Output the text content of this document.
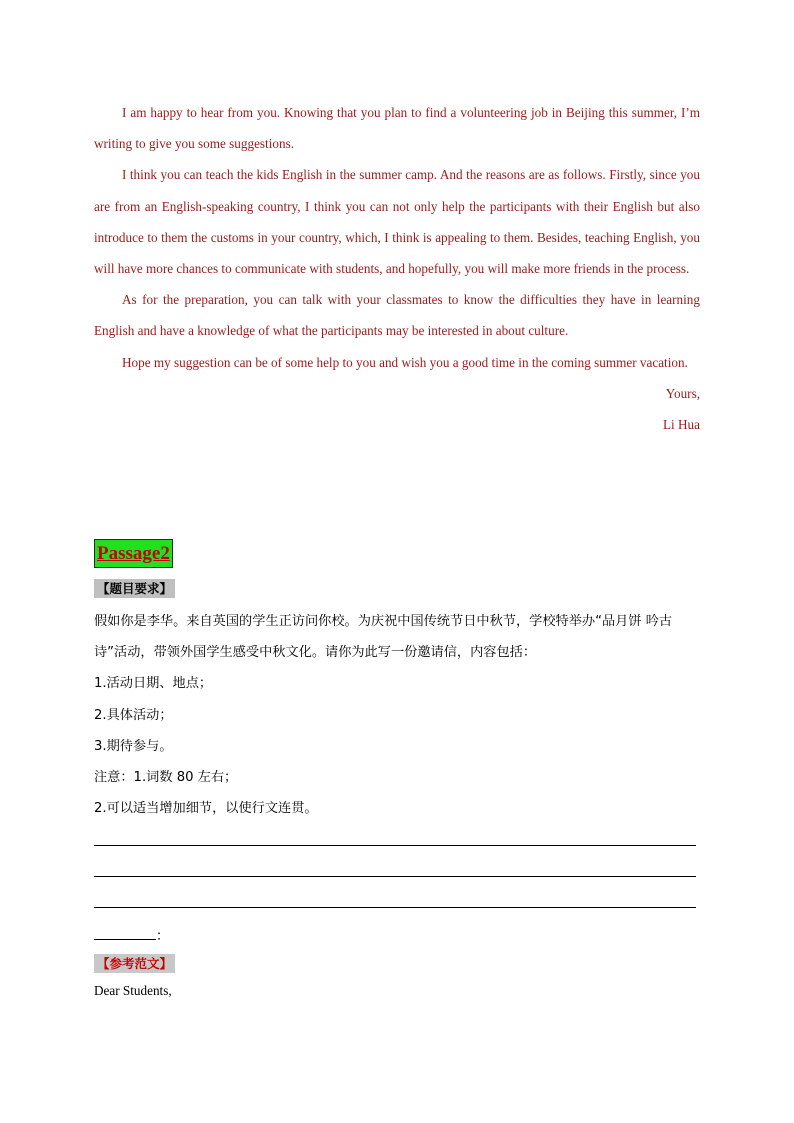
I am happy to hear from you. Knowing that you plan to find a volunteering job in Beijing this summer, I’m writing to give you some suggestions.

I think you can teach the kids English in the summer camp. And the reasons are as follows. Firstly, since you are from an English-speaking country, I think you can not only help the participants with their English but also introduce to them the customs in your country, which, I think is appealing to them. Besides, teaching English, you will have more chances to communicate with students, and hopefully, you will make more friends in the process.

As for the preparation, you can talk with your classmates to know the difficulties they have in learning English and have a knowledge of what the participants may be interested in about culture.

Hope my suggestion can be of some help to you and wish you a good time in the coming summer vacation.

Yours,

Li Hua

Passage2
【题目要求】

假如你是李华。来自英国的学生正访问你校。为庆祝中国传统节日中秋节，学校特举办“品月饼 吟古诗”活动，带领外国学生感受中秋文化。请你为此写一份邀请信，内容包括：

1.活动日期、地点；

2.具体活动；

3.期待参与。

注意：1.词数 80 左右；

2.可以适当增加细节，以使行文连贯。

：
【参考范文】
Dear Students,
